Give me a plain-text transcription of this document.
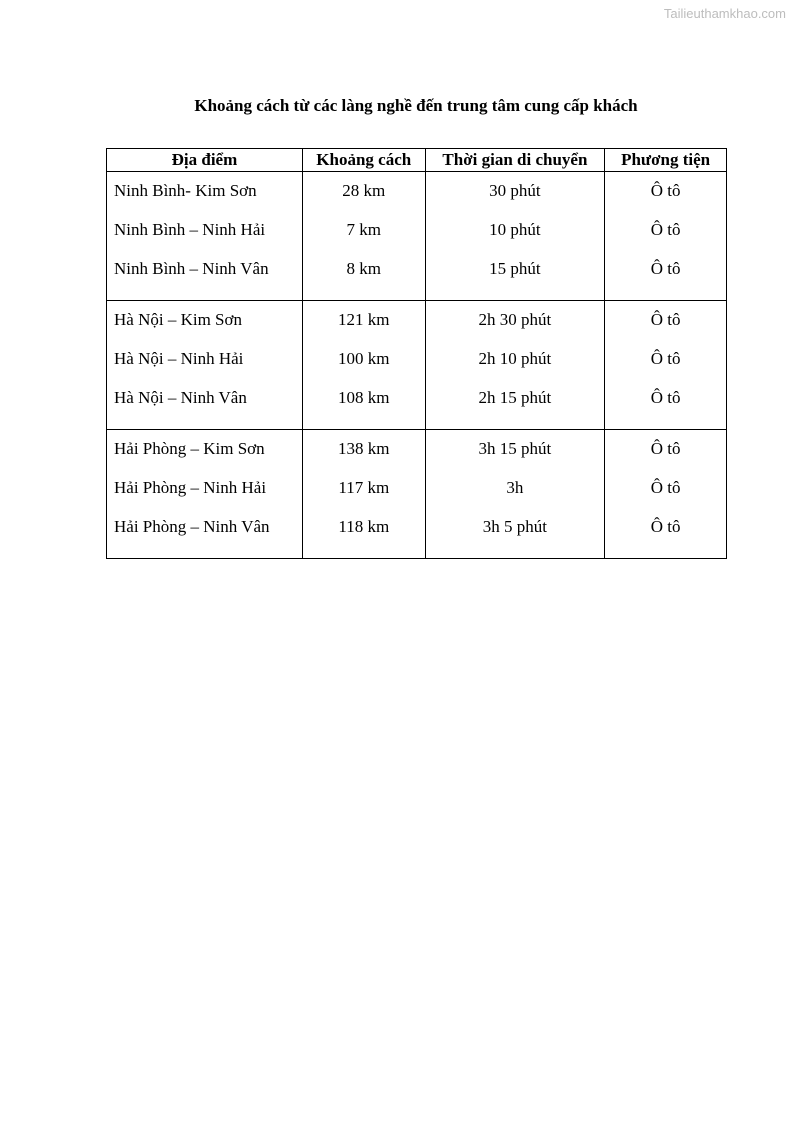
Tailieuthamkhao.com
Khoảng cách từ các làng nghề đến trung tâm cung cấp khách
Địa điểm	Khoảng cách	Thời gian di chuyển	Phương tiện
Ninh Bình- Kim Sơn	28 km	30 phút	Ô tô
Ninh Bình – Ninh Hải	7 km	10 phút	Ô tô
Ninh Bình – Ninh Vân	8 km	15 phút	Ô tô
Hà Nội – Kim Sơn	121 km	2h 30 phút	Ô tô
Hà Nội – Ninh Hải	100 km	2h 10 phút	Ô tô
Hà Nội – Ninh Vân	108 km	2h 15 phút	Ô tô
Hải Phòng – Kim Sơn	138 km	3h 15 phút	Ô tô
Hải Phòng – Ninh Hải	117 km	3h	Ô tô
Hải Phòng – Ninh Vân	118 km	3h 5 phút	Ô tô
